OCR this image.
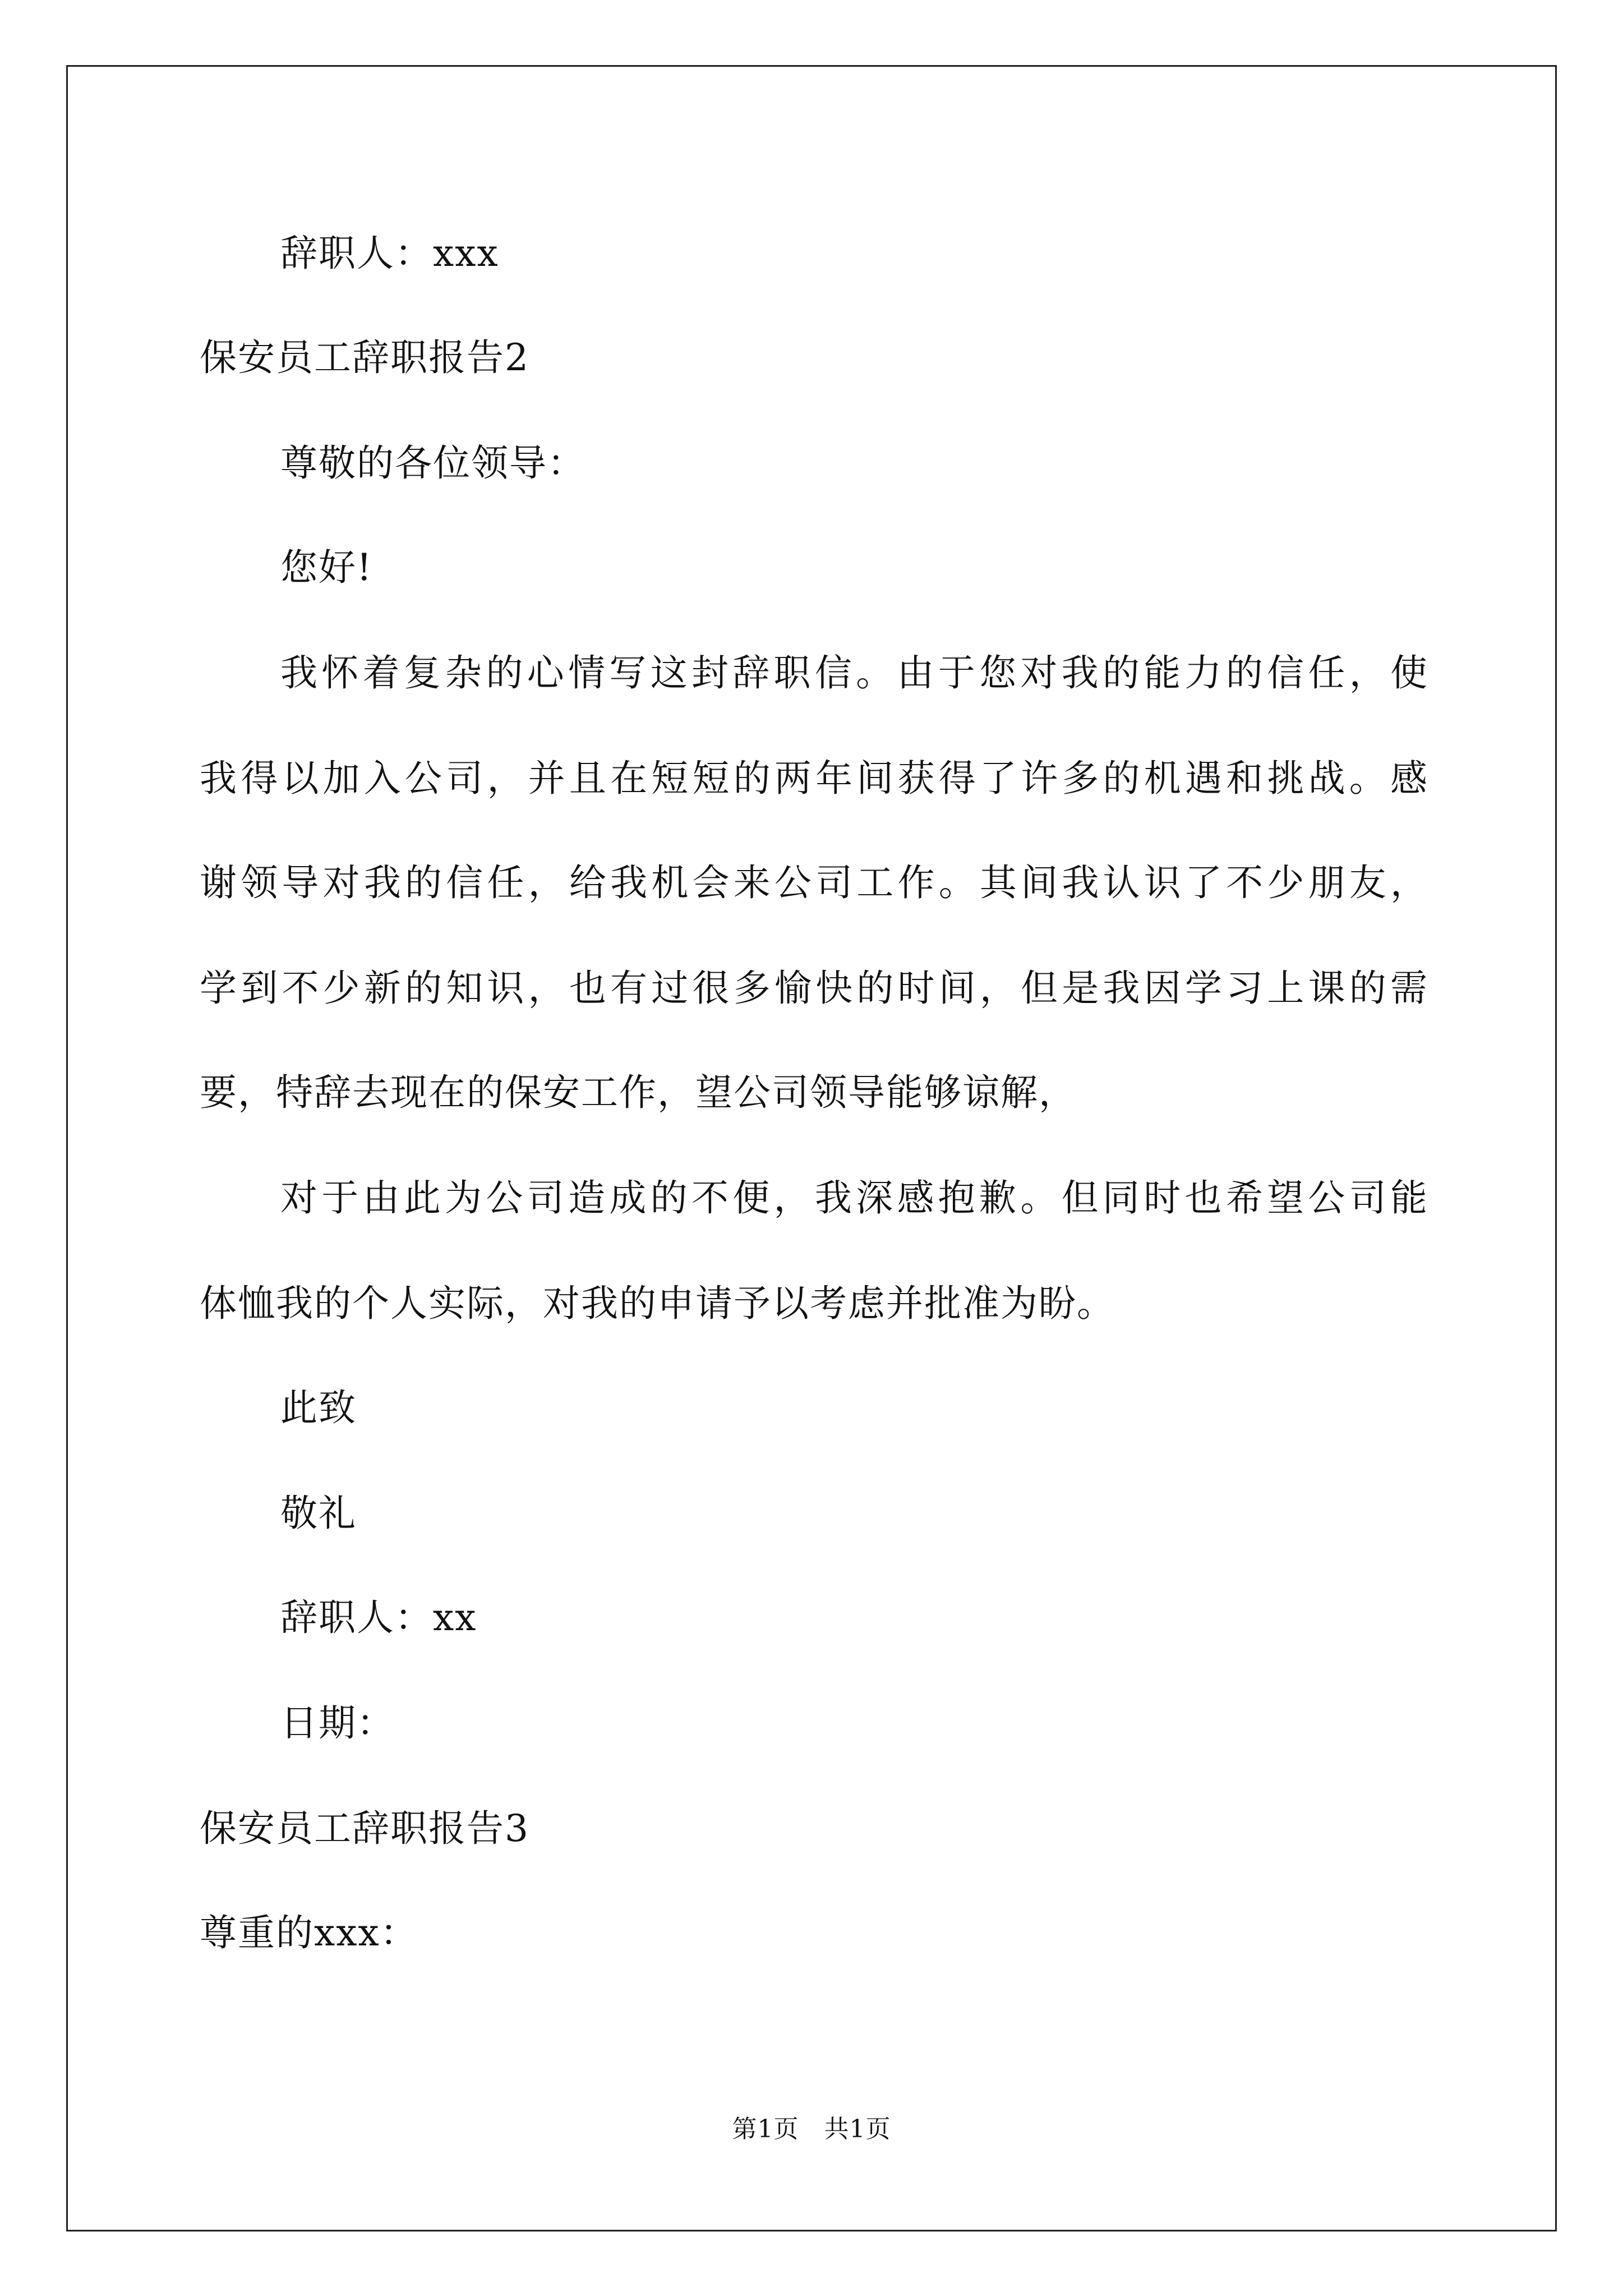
辞职人：xxx
保安员工辞职报告2
尊敬的各位领导：
您好!
我怀着复杂的心情写这封辞职信。由于您对我的能力的信任，使
我得以加入公司，并且在短短的两年间获得了许多的机遇和挑战。感
谢领导对我的信任，给我机会来公司工作。其间我认识了不少朋友，
学到不少新的知识，也有过很多愉快的时间，但是我因学习上课的需
要，特辞去现在的保安工作，望公司领导能够谅解，
对于由此为公司造成的不便，我深感抱歉。但同时也希望公司能
体恤我的个人实际，对我的申请予以考虑并批准为盼。
此致
敬礼
辞职人：xx
日期：
保安员工辞职报告3
尊重的xxx：
第1页   共1页
